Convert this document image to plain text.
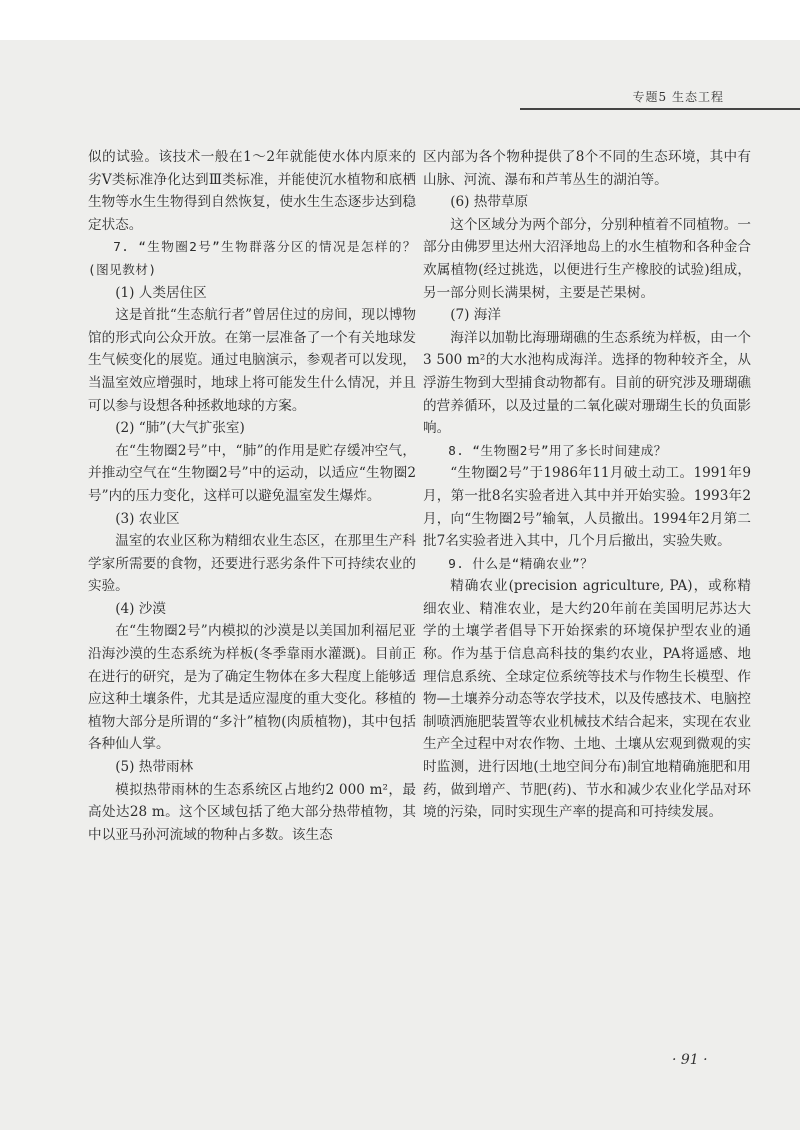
专题5 生态工程

似的试验。该技术一般在1～2年就能使水体内原来的劣Ⅴ类标准净化达到Ⅲ类标准，并能使沉水植物和底栖生物等水生生物得到自然恢复，使水生生态逐步达到稳定状态。

7. “生物圈2号”生物群落分区的情况是怎样的？(图见教材)

(1) 人类居住区

这是首批“生态航行者”曾居住过的房间，现以博物馆的形式向公众开放。在第一层准备了一个有关地球发生气候变化的展览。通过电脑演示，参观者可以发现，当温室效应增强时，地球上将可能发生什么情况，并且可以参与设想各种拯救地球的方案。

(2) “肺”(大气扩张室)

在“生物圈2号”中，“肺”的作用是贮存缓冲空气，并推动空气在“生物圈2号”中的运动，以适应“生物圈2号”内的压力变化，这样可以避免温室发生爆炸。

(3) 农业区

温室的农业区称为精细农业生态区，在那里生产科学家所需要的食物，还要进行恶劣条件下可持续农业的实验。

(4) 沙漠

在“生物圈2号”内模拟的沙漠是以美国加利福尼亚沿海沙漠的生态系统为样板(冬季靠雨水灌溉)。目前正在进行的研究，是为了确定生物体在多大程度上能够适应这种土壤条件，尤其是适应湿度的重大变化。移植的植物大部分是所谓的“多汁”植物(肉质植物)，其中包括各种仙人掌。

(5) 热带雨林

模拟热带雨林的生态系统区占地约2 000 m²，最高处达28 m。这个区域包括了绝大部分热带植物，其中以亚马孙河流域的物种占多数。该生态

区内部为各个物种提供了8个不同的生态环境，其中有山脉、河流、瀑布和芦苇丛生的湖泊等。

(6) 热带草原

这个区域分为两个部分，分别种植着不同植物。一部分由佛罗里达州大沼泽地岛上的水生植物和各种金合欢属植物(经过挑选，以便进行生产橡胶的试验)组成，另一部分则长满果树，主要是芒果树。

(7) 海洋

海洋以加勒比海珊瑚礁的生态系统为样板，由一个3 500 m²的大水池构成海洋。选择的物种较齐全，从浮游生物到大型捕食动物都有。目前的研究涉及珊瑚礁的营养循环，以及过量的二氧化碳对珊瑚生长的负面影响。

8. “生物圈2号”用了多长时间建成？

“生物圈2号”于1986年11月破土动工。1991年9月，第一批8名实验者进入其中并开始实验。1993年2月，向“生物圈2号”输氧，人员撤出。1994年2月第二批7名实验者进入其中，几个月后撤出，实验失败。

9. 什么是“精确农业”？

精确农业(precision agriculture, PA)，或称精细农业、精准农业，是大约20年前在美国明尼苏达大学的土壤学者倡导下开始探索的环境保护型农业的通称。作为基于信息高科技的集约农业，PA将遥感、地理信息系统、全球定位系统等技术与作物生长模型、作物—土壤养分动态等农学技术，以及传感技术、电脑控制喷洒施肥装置等农业机械技术结合起来，实现在农业生产全过程中对农作物、土地、土壤从宏观到微观的实时监测，进行因地(土地空间分布)制宜地精确施肥和用药，做到增产、节肥(药)、节水和减少农业化学品对环境的污染，同时实现生产率的提高和可持续发展。

· 91 ·
